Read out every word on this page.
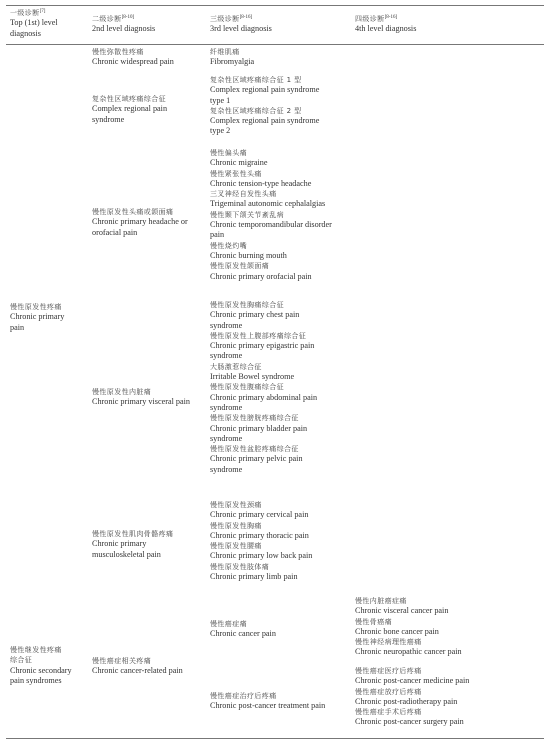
一级诊断[7]
Top (1st) level
diagnosis
二级诊断[8-10]
2nd level diagnosis
三级诊断[8-16]
3rd level diagnosis
四级诊断[8-16]
4th level diagnosis
慢性原发性疼痛
Chronic primary
pain
慢性继发性疼痛
综合征
Chronic secondary
pain syndromes
慢性弥散性疼痛
Chronic widespread pain
复杂性区域疼痛综合征
Complex regional pain
syndrome
慢性原发性头痛或颌面痛
Chronic primary headache or
orofacial pain
慢性原发性内脏痛
Chronic primary visceral pain
慢性原发性肌肉骨骼疼痛
Chronic primary
musculoskeletal pain
慢性癌症相关疼痛
Chronic cancer-related pain
纤维肌痛
Fibromyalgia
复杂性区域疼痛综合征 1 型
Complex regional pain syndrome
type 1
复杂性区域疼痛综合征 2 型
Complex regional pain syndrome
type 2
慢性偏头痛
Chronic migraine
慢性紧张性头痛
Chronic tension-type headache
三叉神经自发性头痛
Trigeminal autonomic cephalalgias
慢性颞下颌关节紊乱病
Chronic temporomandibular disorder
pain
慢性烧灼嘴
Chronic burning mouth
慢性原发性颌面痛
Chronic primary orofacial pain
慢性原发性胸痛综合征
Chronic primary chest pain
syndrome
慢性原发性上腹部疼痛综合征
Chronic primary epigastric pain
syndrome
大肠激惹综合征
Irritable Bowel syndrome
慢性原发性腹痛综合征
Chronic primary abdominal pain
syndrome
慢性原发性膀胱疼痛综合征
Chronic primary bladder pain
syndrome
慢性原发性盆腔疼痛综合征
Chronic primary pelvic pain
syndrome
慢性原发性颈痛
Chronic primary cervical pain
慢性原发性胸痛
Chronic primary thoracic pain
慢性原发性腰痛
Chronic primary low back pain
慢性原发性肢体痛
Chronic primary limb pain
慢性癌症痛
Chronic cancer pain
慢性癌症治疗后疼痛
Chronic post-cancer treatment pain
慢性内脏癌症痛
Chronic visceral cancer pain
慢性骨癌痛
Chronic bone cancer pain
慢性神经病理性癌痛
Chronic neuropathic cancer pain
慢性癌症医疗后疼痛
Chronic post-cancer medicine pain
慢性癌症放疗后疼痛
Chronic post-radiotherapy pain
慢性癌症手术后疼痛
Chronic post-cancer surgery pain
